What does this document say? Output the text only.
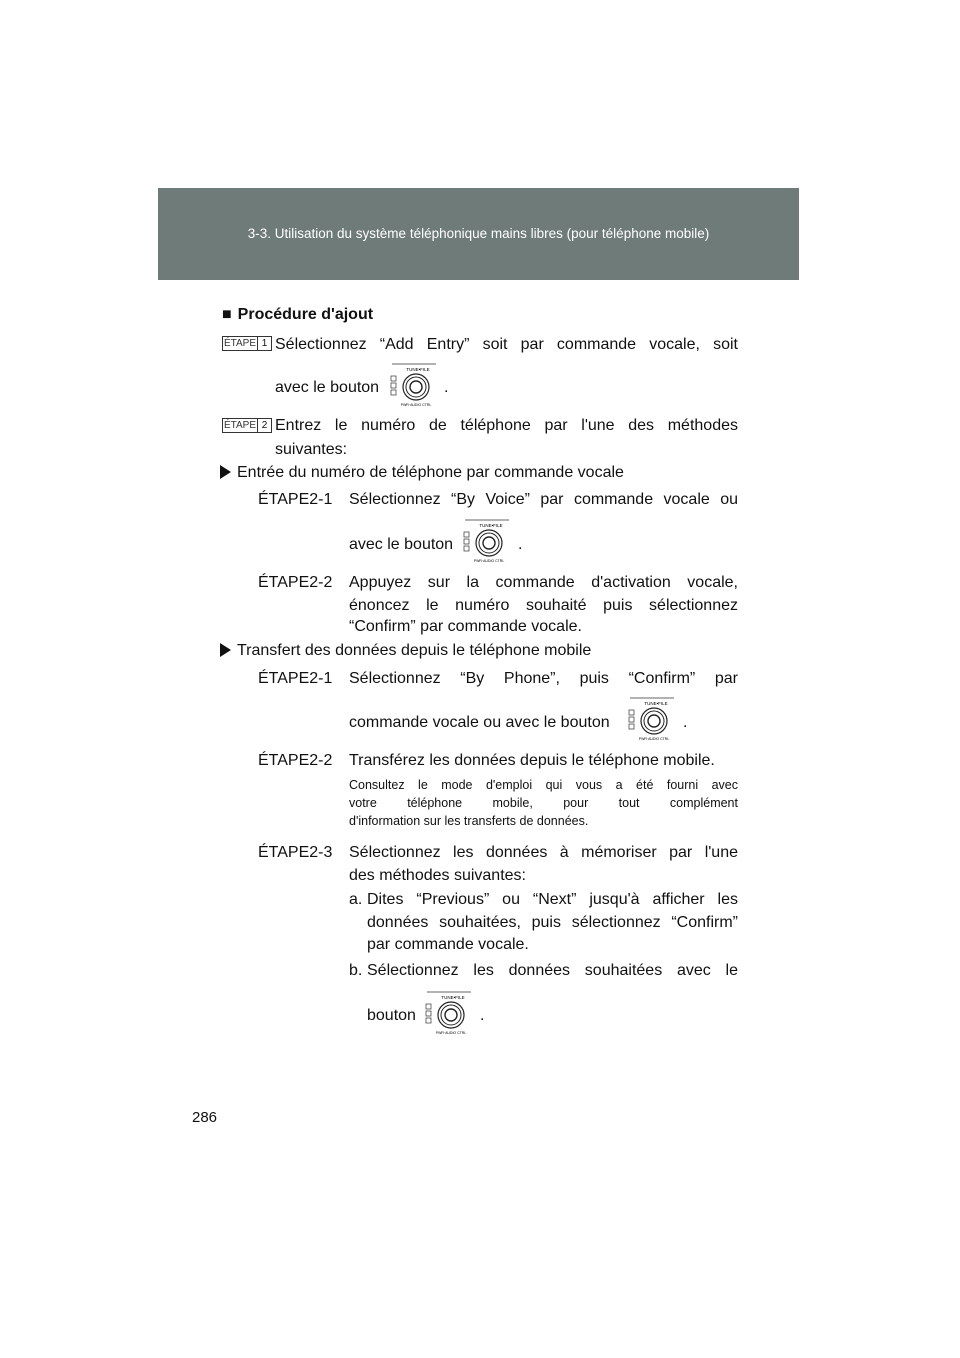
3-3. Utilisation du système téléphonique mains libres (pour téléphone mobile)
■ Procédure d'ajout
ÉTAPE 1 Sélectionnez “Add Entry” soit par commande vocale, soit
avec le bouton
TUNE•FILE
PWR·AUDIO CTRL
.
ÉTAPE 2 Entrez le numéro de téléphone par l'une des méthodes
suivantes:
Entrée du numéro de téléphone par commande vocale
ÉTAPE2-1 Sélectionnez “By Voice” par commande vocale ou
avec le bouton
TUNE•FILE
PWR·AUDIO CTRL
.
ÉTAPE2-2 Appuyez sur la commande d'activation vocale,
énoncez le numéro souhaité puis sélectionnez
“Confirm” par commande vocale.
Transfert des données depuis le téléphone mobile
ÉTAPE2-1 Sélectionnez “By Phone”, puis “Confirm” par
commande vocale ou avec le bouton
TUNE•FILE
PWR·AUDIO CTRL
.
ÉTAPE2-2 Transférez les données depuis le téléphone mobile.
Consultez le mode d'emploi qui vous a été fourni avec
votre téléphone mobile, pour tout complément
d'information sur les transferts de données.
ÉTAPE2-3 Sélectionnez les données à mémoriser par l'une
des méthodes suivantes:
a. Dites “Previous” ou “Next” jusqu'à afficher les
données souhaitées, puis sélectionnez “Confirm”
par commande vocale.
b. Sélectionnez les données souhaitées avec le
bouton
TUNE•FILE
PWR·AUDIO CTRL
.
286
